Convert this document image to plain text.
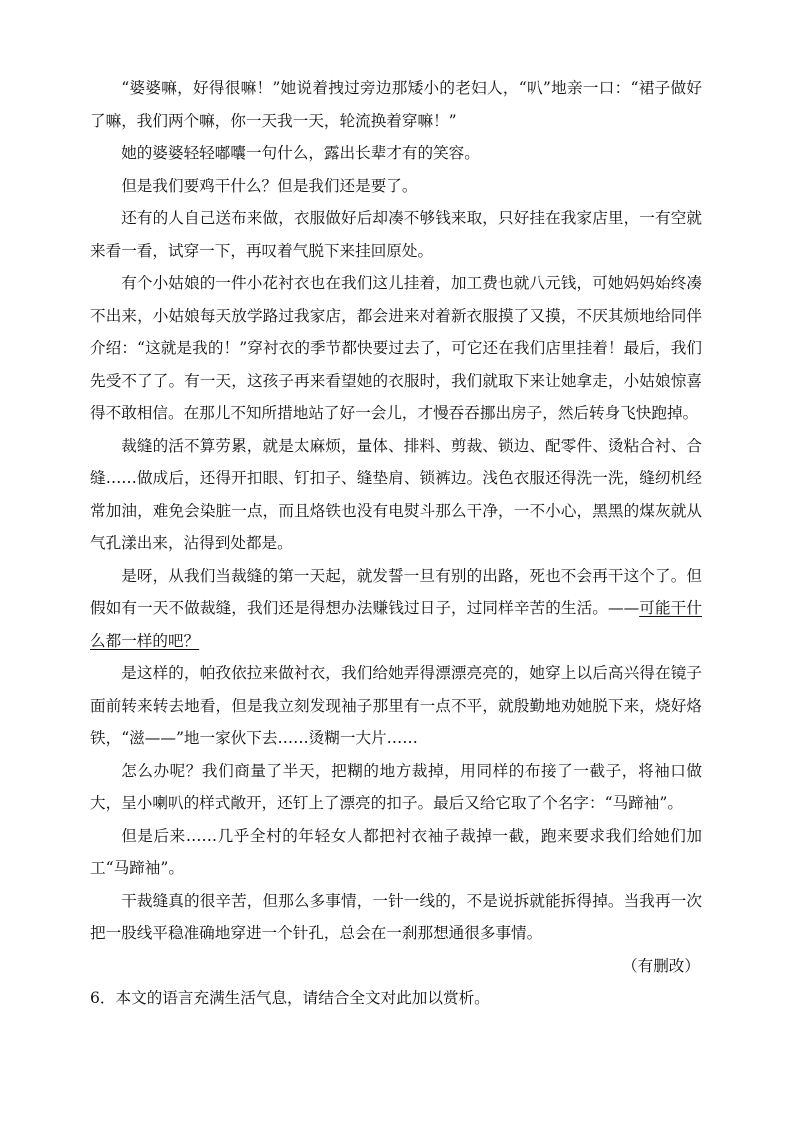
“婆婆嘛，好得很嘛！”她说着拽过旁边那矮小的老妇人，“叭”地亲一口：“裙子做好了嘛，我们两个嘛，你一天我一天，轮流换着穿嘛！”

她的婆婆轻轻嘟囔一句什么，露出长辈才有的笑容。

但是我们要鸡干什么？但是我们还是要了。

还有的人自己送布来做，衣服做好后却凑不够钱来取，只好挂在我家店里，一有空就来看一看，试穿一下，再叹着气脱下来挂回原处。

有个小姑娘的一件小花衬衣也在我们这儿挂着，加工费也就八元钱，可她妈妈始终凑不出来，小姑娘每天放学路过我家店，都会进来对着新衣服摸了又摸，不厌其烦地给同伴介绍：“这就是我的！”穿衬衣的季节都快要过去了，可它还在我们店里挂着！最后，我们先受不了了。有一天，这孩子再来看望她的衣服时，我们就取下来让她拿走，小姑娘惊喜得不敢相信。在那儿不知所措地站了好一会儿，才慢吞吞挪出房子，然后转身飞快跑掉。

裁缝的活不算劳累，就是太麻烦，量体、排料、剪裁、锁边、配零件、烫粘合衬、合缝……做成后，还得开扣眼、钉扣子、缝垫肩、锁裤边。浅色衣服还得洗一洗，缝纫机经常加油，难免会染脏一点，而且烙铁也没有电熨斗那么干净，一不小心，黑黑的煤灰就从气孔漾出来，沾得到处都是。

是呀，从我们当裁缝的第一天起，就发誓一旦有别的出路，死也不会再干这个了。但假如有一天不做裁缝，我们还是得想办法赚钱过日子，过同样辛苦的生活。——可能干什么都一样的吧？

是这样的，帕孜依拉来做衬衣，我们给她弄得漂漂亮亮的，她穿上以后高兴得在镜子面前转来转去地看，但是我立刻发现袖子那里有一点不平，就殷勤地劝她脱下来，烧好烙铁，“滋——”地一家伙下去……烫糊一大片……

怎么办呢？我们商量了半天，把糊的地方裁掉，用同样的布接了一截子，将袖口做大，呈小喇叭的样式敞开，还钉上了漂亮的扣子。最后又给它取了个名字：“马蹄袖”。

但是后来……几乎全村的年轻女人都把衬衣袖子裁掉一截，跑来要求我们给她们加工“马蹄袖”。

干裁缝真的很辛苦，但那么多事情，一针一线的，不是说拆就能拆得掉。当我再一次把一股线平稳准确地穿进一个针孔，总会在一刹那想通很多事情。

（有删改）

6．本文的语言充满生活气息，请结合全文对此加以赏析。
